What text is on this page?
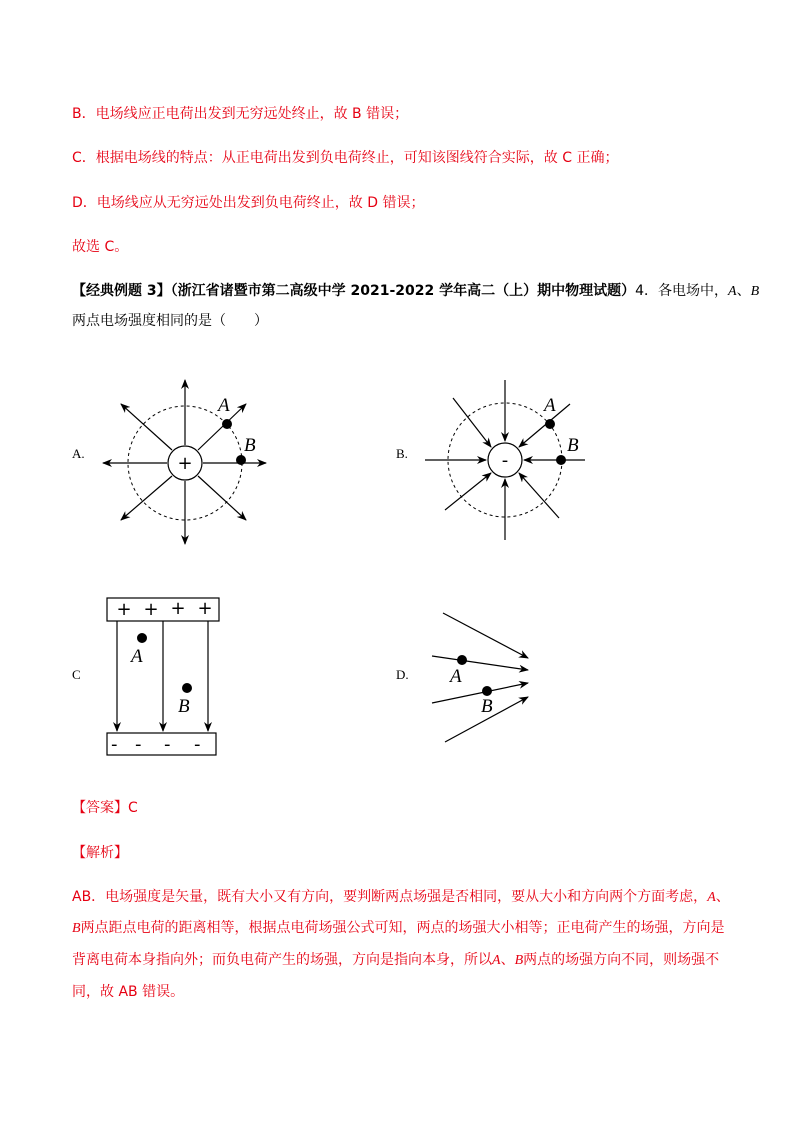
B．电场线应正电荷出发到无穷远处终止，故 B 错误；
C．根据电场线的特点：从正电荷出发到负电荷终止，可知该图线符合实际，故 C 正确；
D．电场线应从无穷远处出发到负电荷终止，故 D 错误；
故选 C。
【经典例题 3】（浙江省诸暨市第二高级中学 2021-2022 学年高二（上）期中物理试题）4．各电场中，A、B
两点电场强度相同的是（　　）
A.	B.
C	D.
+
A
B
-
A
B
+ + + +
- - - -
A
B
A
B
【答案】C
【解析】
AB．电场强度是矢量，既有大小又有方向，要判断两点场强是否相同，要从大小和方向两个方面考虑，A、
B两点距点电荷的距离相等，根据点电荷场强公式可知，两点的场强大小相等；正电荷产生的场强，方向是
背离电荷本身指向外；而负电荷产生的场强，方向是指向本身，所以A、B两点的场强方向不同，则场强不
同，故 AB 错误。
